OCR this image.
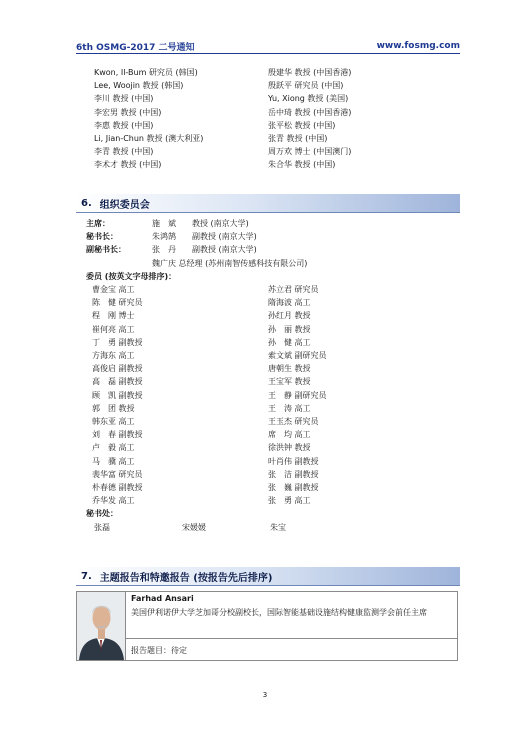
6th OSMG-2017 二号通知	www.fosmg.com
Kwon, Il-Bum 研究员 (韩国)	殷建华 教授 (中国香港)
Lee, Woojin 教授 (韩国)	殷跃平 研究员 (中国)
李川 教授 (中国)	Yu, Xiong 教授 (美国)
李宏男 教授 (中国)	岳中琦 教授 (中国香港)
李惠 教授 (中国)	张平松 教授 (中国)
Li, Jian-Chun 教授 (澳大利亚)	张青 教授 (中国)
李青 教授 (中国)	周万欢 博士 (中国澳门)
李术才 教授 (中国)	朱合华 教授 (中国)
6. 组织委员会
主席：	施　斌	教授 (南京大学)
秘书长：	朱鸿鹄	副教授 (南京大学)
副秘书长：	张　丹	副教授 (南京大学)
魏广庆 总经理 (苏州南智传感科技有限公司)
委员 (按英文字母排序)：
曹金宝 高工	苏立君 研究员
陈　健 研究员	隋海波 高工
程　刚 博士	孙红月 教授
崔何亮 高工	孙　丽 教授
丁　勇 副教授	孙　健 高工
方海东 高工	索文斌 副研究员
高俊启 副教授	唐朝生 教授
高　磊 副教授	王宝军 教授
顾　凯 副教授	王　静 副研究员
郭　团 教授	王　涛 高工
韩东亚 高工	王玉杰 研究员
刘　春 副教授	席　均 高工
卢　毅 高工	徐洪钟 教授
马　骥 高工	叶肖伟 副教授
裴华富 研究员	张　洁 副教授
朴春德 副教授	张　巍 副教授
乔华发 高工	张　勇 高工
秘书处：
张磊	宋媛媛	朱宝
7. 主题报告和特邀报告 (按报告先后排序)
Farhad Ansari
美国伊利诺伊大学芝加哥分校副校长，国际智能基础设施结构健康监测学会前任主席
报告题目：待定
3
